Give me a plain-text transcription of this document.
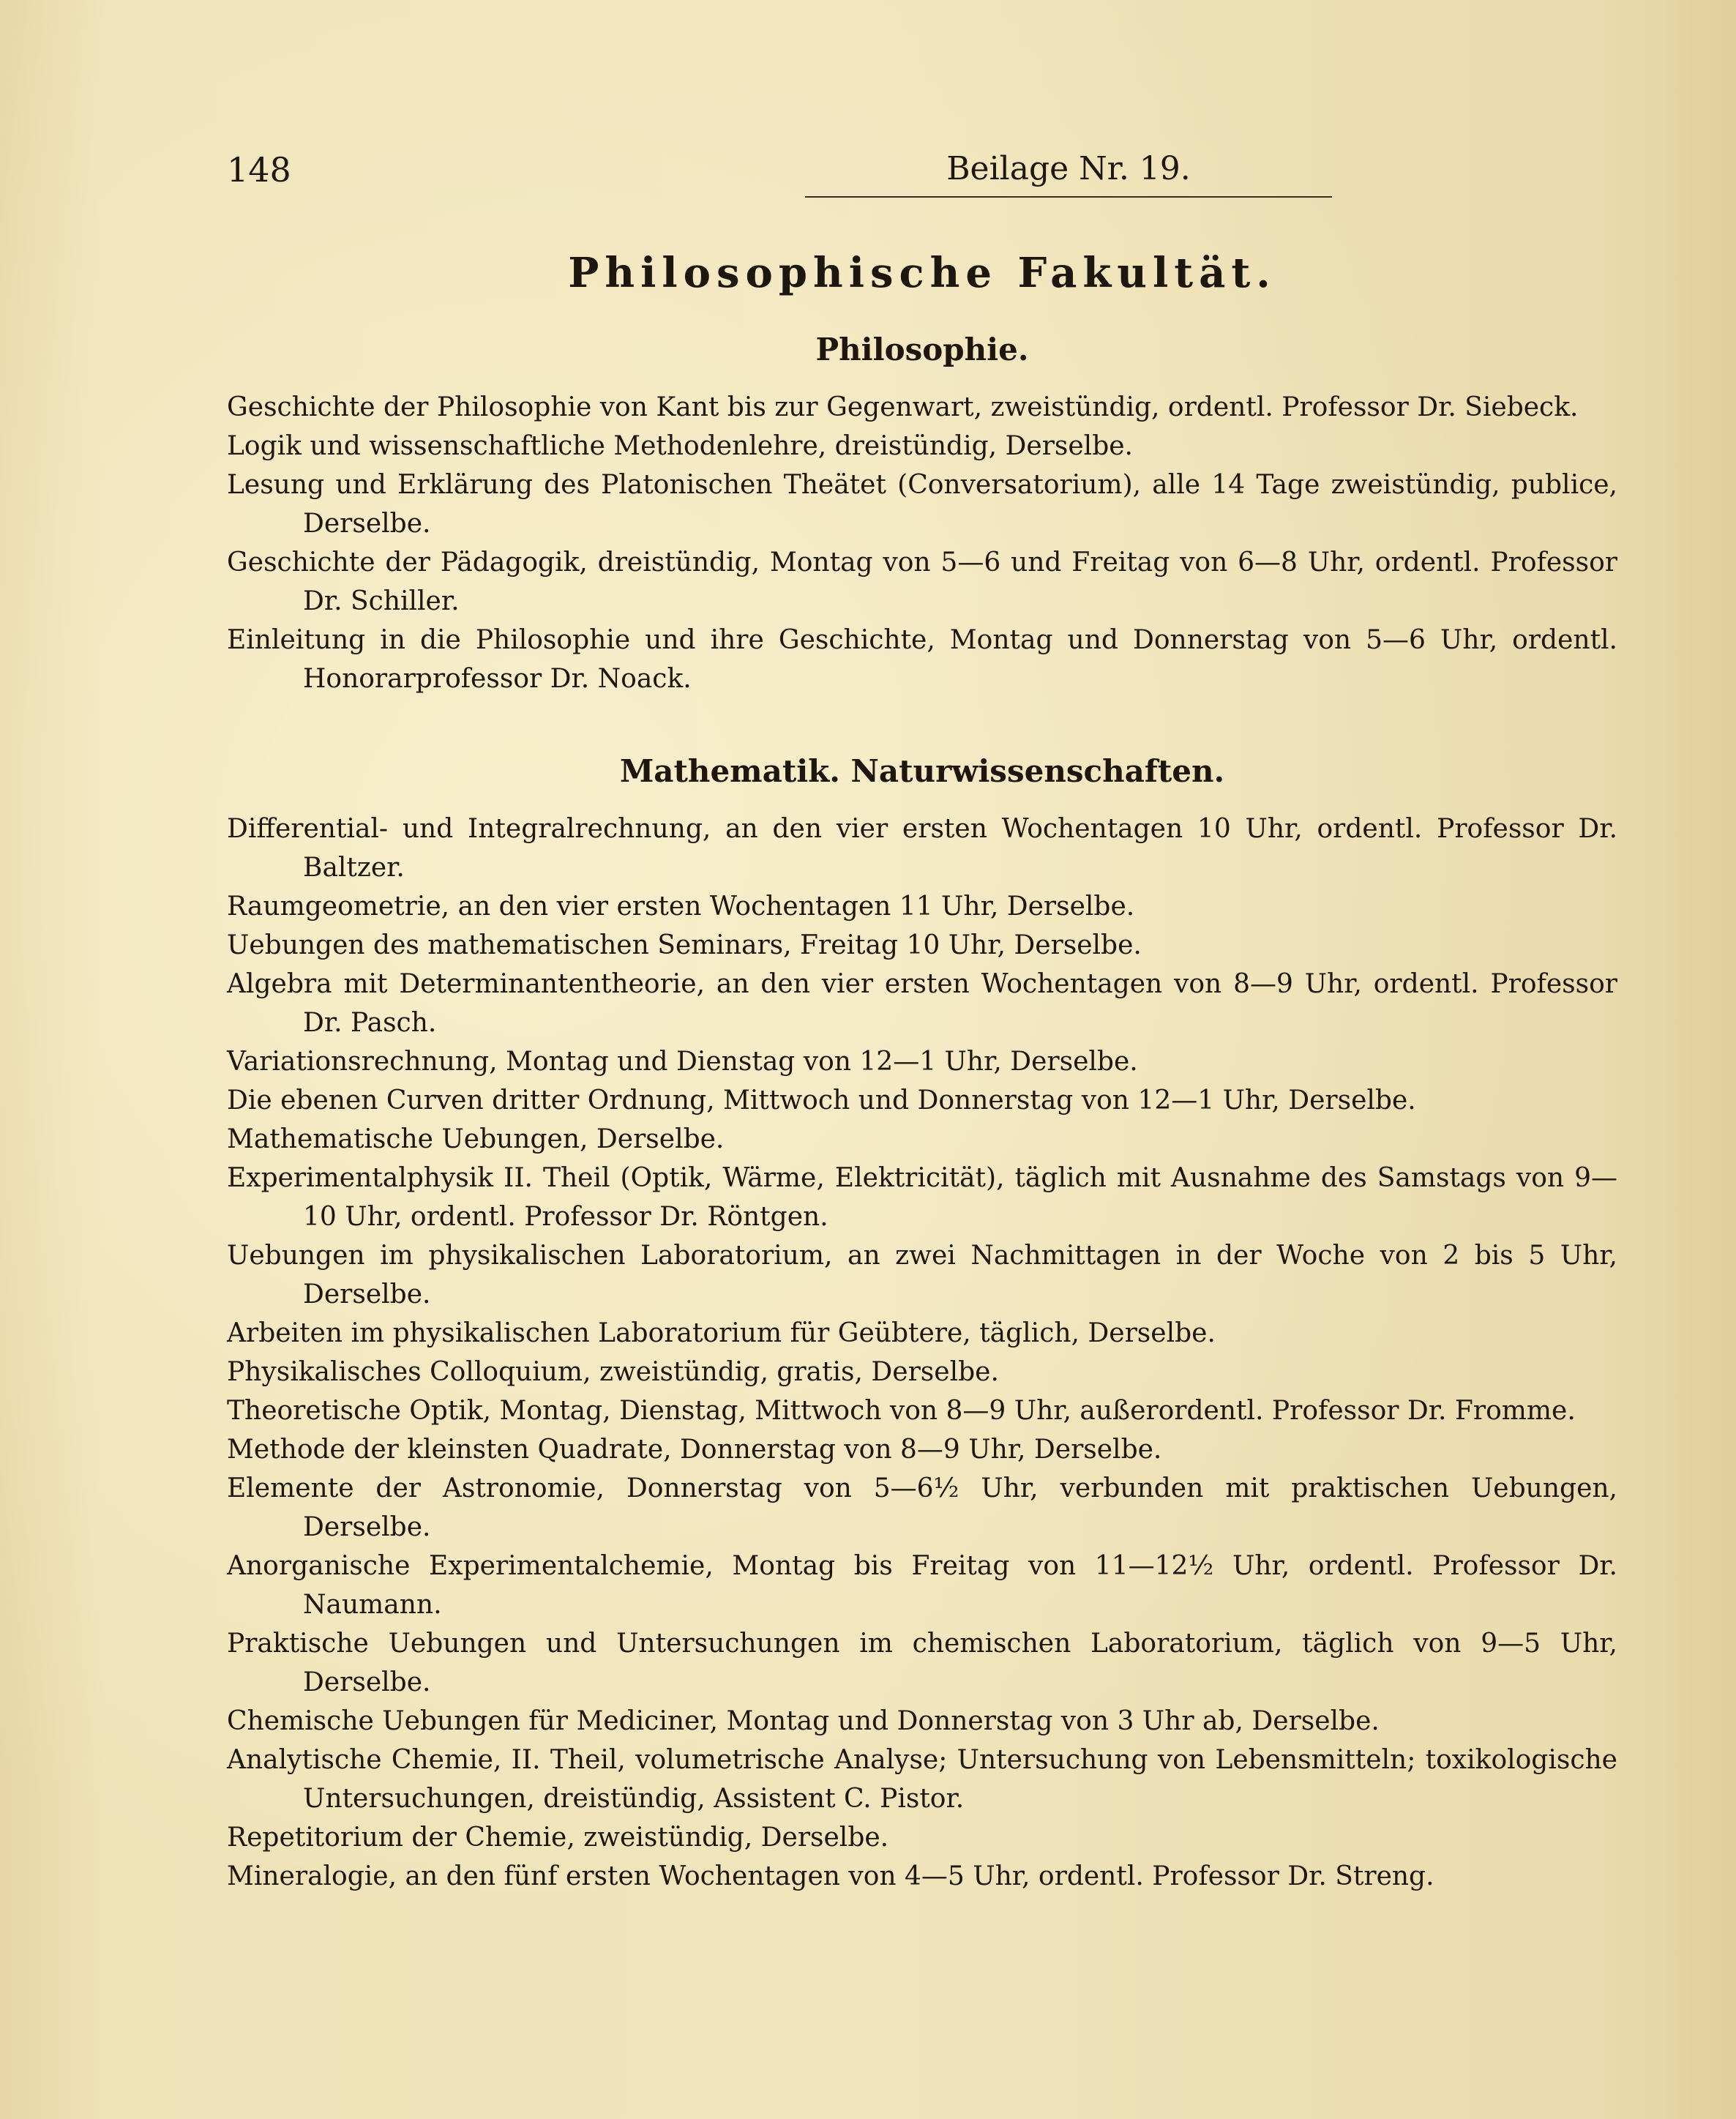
148	Beilage Nr. 19.
Philosophische Fakultät.
Philosophie.

Geschichte der Philosophie von Kant bis zur Gegenwart, zweistündig, ordentl. Professor Dr. Siebeck.

Logik und wissenschaftliche Methodenlehre, dreistündig, Derselbe.

Lesung und Erklärung des Platonischen Theätet (Conversatorium), alle 14 Tage zweistündig, publice, Derselbe.

Geschichte der Pädagogik, dreistündig, Montag von 5—6 und Freitag von 6—8 Uhr, ordentl. Professor Dr. Schiller.

Einleitung in die Philosophie und ihre Geschichte, Montag und Donnerstag von 5—6 Uhr, ordentl. Honorarprofessor Dr. Noack.

Mathematik. Naturwissenschaften.

Differential- und Integralrechnung, an den vier ersten Wochentagen 10 Uhr, ordentl. Professor Dr. Baltzer.

Raumgeometrie, an den vier ersten Wochentagen 11 Uhr, Derselbe.

Uebungen des mathematischen Seminars, Freitag 10 Uhr, Derselbe.

Algebra mit Determinantentheorie, an den vier ersten Wochentagen von 8—9 Uhr, ordentl. Professor Dr. Pasch.

Variationsrechnung, Montag und Dienstag von 12—1 Uhr, Derselbe.

Die ebenen Curven dritter Ordnung, Mittwoch und Donnerstag von 12—1 Uhr, Derselbe.

Mathematische Uebungen, Derselbe.

Experimentalphysik II. Theil (Optik, Wärme, Elektricität), täglich mit Ausnahme des Samstags von 9—10 Uhr, ordentl. Professor Dr. Röntgen.

Uebungen im physikalischen Laboratorium, an zwei Nachmittagen in der Woche von 2 bis 5 Uhr, Derselbe.

Arbeiten im physikalischen Laboratorium für Geübtere, täglich, Derselbe.

Physikalisches Colloquium, zweistündig, gratis, Derselbe.

Theoretische Optik, Montag, Dienstag, Mittwoch von 8—9 Uhr, außerordentl. Professor Dr. Fromme.

Methode der kleinsten Quadrate, Donnerstag von 8—9 Uhr, Derselbe.

Elemente der Astronomie, Donnerstag von 5—6½ Uhr, verbunden mit praktischen Uebungen, Derselbe.

Anorganische Experimentalchemie, Montag bis Freitag von 11—12½ Uhr, ordentl. Professor Dr. Naumann.

Praktische Uebungen und Untersuchungen im chemischen Laboratorium, täglich von 9—5 Uhr, Derselbe.

Chemische Uebungen für Mediciner, Montag und Donnerstag von 3 Uhr ab, Derselbe.

Analytische Chemie, II. Theil, volumetrische Analyse; Untersuchung von Lebensmitteln; toxikologische Untersuchungen, dreistündig, Assistent C. Pistor.

Repetitorium der Chemie, zweistündig, Derselbe.

Mineralogie, an den fünf ersten Wochentagen von 4—5 Uhr, ordentl. Professor Dr. Streng.
